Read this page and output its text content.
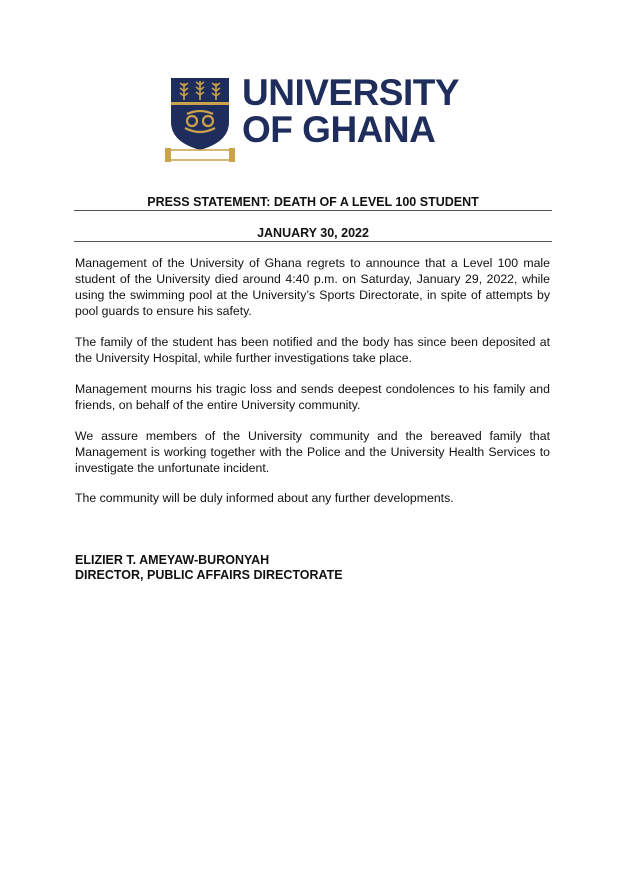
UNIVERSITY
OF GHANA
PRESS STATEMENT: DEATH OF A LEVEL 100 STUDENT
JANUARY 30, 2022
Management of the University of Ghana regrets to announce that a Level 100 male student of the University died around 4:40 p.m. on Saturday, January 29, 2022, while using the swimming pool at the University’s Sports Directorate, in spite of attempts by pool guards to ensure his safety.
The family of the student has been notified and the body has since been deposited at the University Hospital, while further investigations take place.
Management mourns his tragic loss and sends deepest condolences to his family and friends, on behalf of the entire University community.
We assure members of the University community and the bereaved family that Management is working together with the Police and the University Health Services to investigate the unfortunate incident.
The community will be duly informed about any further developments.
ELIZIER T. AMEYAW-BURONYAH
DIRECTOR, PUBLIC AFFAIRS DIRECTORATE
